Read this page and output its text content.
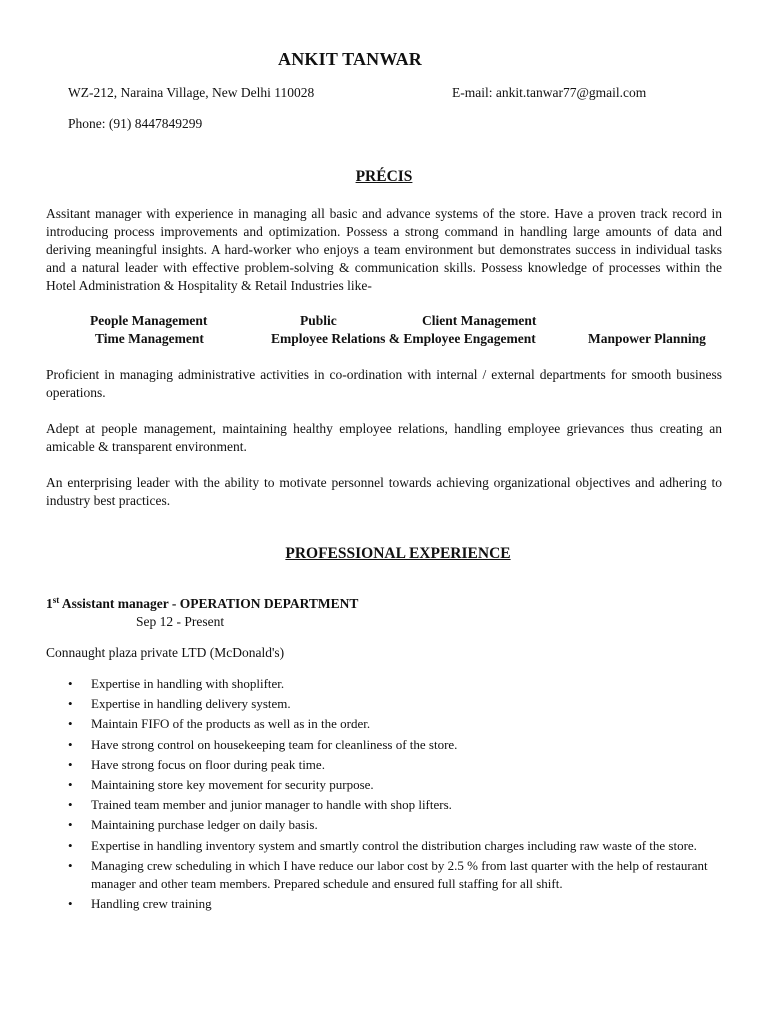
ANKIT TANWAR
WZ-212, Naraina Village, New Delhi 110028	E-mail: ankit.tanwar77@gmail.com
Phone: (91) 8447849299
PRÉCIS
Assitant manager with experience in managing all basic and advance systems of the store. Have a proven track record in introducing process improvements and optimization. Possess a strong command in handling large amounts of data and deriving meaningful insights. A hard-worker who enjoys a team environment but demonstrates success in individual tasks and a natural leader with effective problem-solving & communication skills. Possess knowledge of processes within the Hotel Administration & Hospitality & Retail Industries like-
People Management	Public	Client Management
Time Management	Employee Relations & Employee Engagement	Manpower Planning
Proficient in managing administrative activities in co-ordination with internal / external departments for smooth business operations.
Adept at people management, maintaining healthy employee relations, handling employee grievances thus creating an amicable & transparent environment.
An enterprising leader with the ability to motivate personnel towards achieving organizational objectives and adhering to industry best practices.
PROFESSIONAL EXPERIENCE
1st Assistant manager - OPERATION DEPARTMENT
Sep 12 - Present
Connaught plaza private LTD (McDonald's)
• Expertise in handling with shoplifter.
• Expertise in handling delivery system.
• Maintain FIFO of the products as well as in the order.
• Have strong control on housekeeping team for cleanliness of the store.
• Have strong focus on floor during peak time.
• Maintaining store key movement for security purpose.
• Trained team member and junior manager to handle with shop lifters.
• Maintaining purchase ledger on daily basis.
• Expertise in handling inventory system and smartly control the distribution charges including raw waste of the store.
• Managing crew scheduling in which I have reduce our labor cost by 2.5 % from last quarter with the help of restaurant manager and other team members. Prepared schedule and ensured full staffing for all shift.
• Handling crew training
